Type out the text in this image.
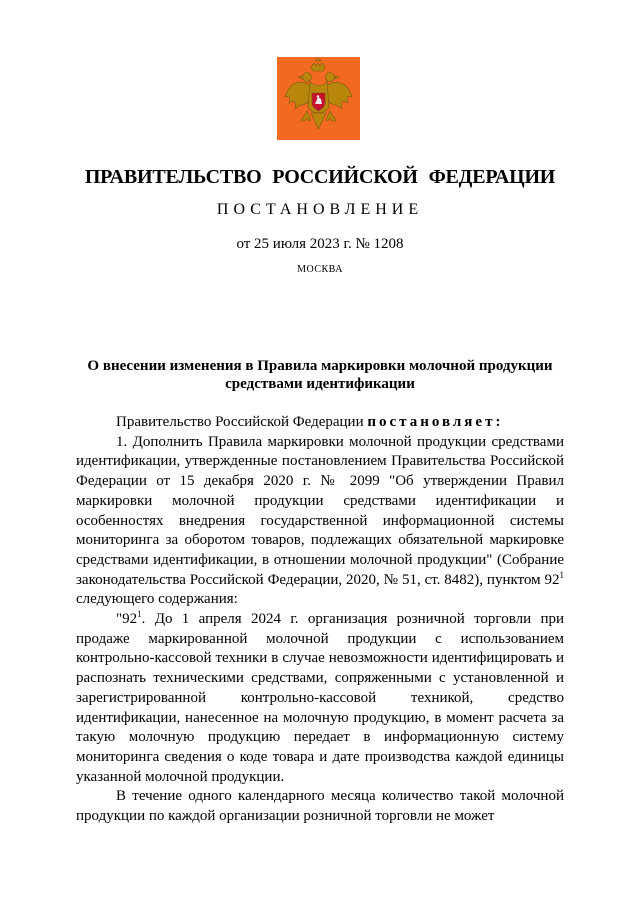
ПРАВИТЕЛЬСТВО РОССИЙСКОЙ ФЕДЕРАЦИИ
ПОСТАНОВЛЕНИЕ
от 25 июля 2023 г. № 1208
МОСКВА
О внесении изменения в Правила маркировки молочной продукции
средствами идентификации

Правительство Российской Федерации постановляет:

1. Дополнить Правила маркировки молочной продукции средствами идентификации, утвержденные постановлением Правительства Российской Федерации от 15 декабря 2020 г. № 2099 "Об утверждении Правил маркировки молочной продукции средствами идентификации и особенностях внедрения государственной информационной системы мониторинга за оборотом товаров, подлежащих обязательной маркировке средствами идентификации, в отношении молочной продукции" (Собрание законодательства Российской Федерации, 2020, № 51, ст. 8482), пунктом $92^1$ следующего содержания:

"$92^1$. До 1 апреля 2024 г. организация розничной торговли при продаже маркированной молочной продукции с использованием контрольно-кассовой техники в случае невозможности идентифицировать и распознать техническими средствами, сопряженными с установленной и зарегистрированной контрольно-кассовой техникой, средство идентификации, нанесенное на молочную продукцию, в момент расчета за такую молочную продукцию передает в информационную систему мониторинга сведения о коде товара и дате производства каждой единицы указанной молочной продукции.

В течение одного календарного месяца количество такой молочной продукции по каждой организации розничной торговли не может
